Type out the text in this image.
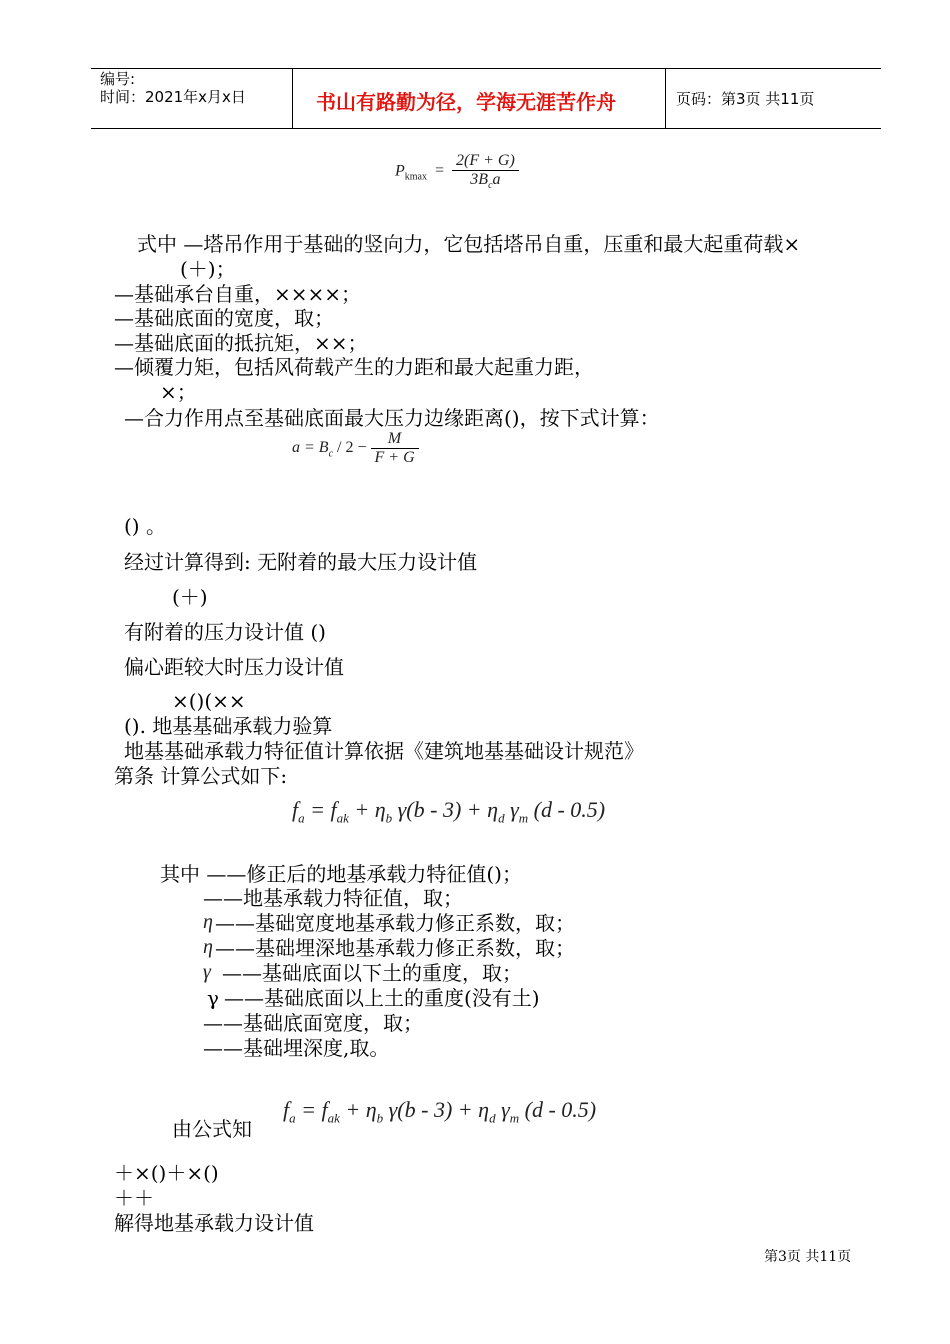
编号:
时间：2021年x月x日	书山有路勤为径，学海无涯苦作舟	页码：第3页 共11页
$P_{kmax} = \frac{2(F + G)}{3B_ca}$
式中 —塔吊作用于基础的竖向力，它包括塔吊自重，压重和最大起重荷载×
(＋)；
—基础承台自重，××××；
—基础底面的宽度，取；
—基础底面的抵抗矩，××；
—倾覆力矩，包括风荷载产生的力距和最大起重力距，
×；
—合力作用点至基础底面最大压力边缘距离()，按下式计算：
$a = B_c / 2 - \frac{M}{F + G}$
() 。
经过计算得到: 无附着的最大压力设计值
(＋)
有附着的压力设计值 ()
偏心距较大时压力设计值
×()(××
(). 地基基础承载力验算
地基基础承载力特征值计算依据《建筑地基基础设计规范》
第条 计算公式如下:
$f_a = f_{ak} + \eta_b$ $\gamma(b - 3) + \eta_d$ $\gamma_m$ (d - 0.5)
其中 ——修正后的地基承载力特征值()；
——地基承载力特征值，取；
η ——基础宽度地基承载力修正系数，取；
η ——基础埋深地基承载力修正系数，取；
γ ——基础底面以下土的重度，取；
γ ——基础底面以上土的重度(没有土)
——基础底面宽度，取；
——基础埋深度,取。
$f_a = f_{ak} + \eta_b$ $\gamma(b - 3) + \eta_d$ $\gamma_m$ (d - 0.5)
由公式知
＋×()＋×()
＋＋
解得地基承载力设计值
第3页 共11页
